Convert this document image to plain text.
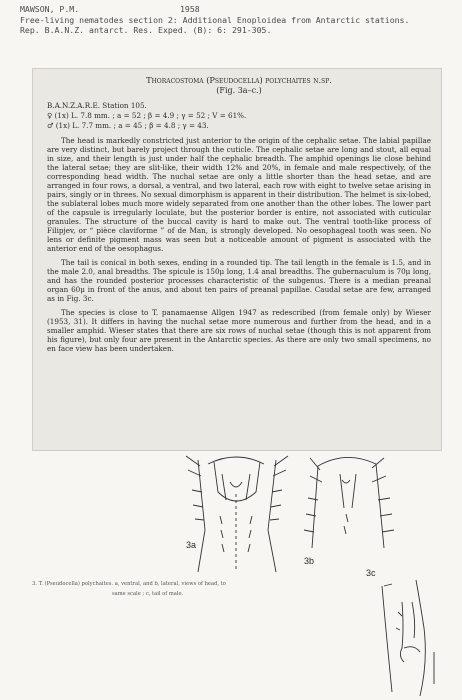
MAWSON, P.M.	1958
Free-living nematodes section 2: Additional Enoploidea from Antarctic stations.
Rep. B.A.N.Z. antarct. Res. Exped. (B): 6: 291-305.
Thoracostoma (Pseudocella) polychaites n.sp.
(Fig. 3a–c.)

B.A.N.Z.A.R.E. Station 105.

♀ (1x) L. 7.8 mm. ; a = 52 ; β = 4.9 ; γ = 52 ; V = 61%.

♂ (1x) L. 7.7 mm. ; a = 45 ; β = 4.8 ; γ = 43.

The head is markedly constricted just anterior to the origin of the cephalic setae. The labial papillae are very distinct, but barely project through the cuticle. The cephalic setae are long and stout, all equal in size, and their length is just under half the cephalic breadth. The amphid openings lie close behind the lateral setae; they are slit-like, their width 12% and 20%, in female and male respectively, of the corresponding head width. The nuchal setae are only a little shorter than the head setae, and are arranged in four rows, a dorsal, a ventral, and two lateral, each row with eight to twelve setae arising in pairs, singly or in threes. No sexual dimorphism is apparent in their distribution. The helmet is six-lobed, the sublateral lobes much more widely separated from one another than the other lobes. The lower part of the capsule is irregularly loculate, but the posterior border is entire, not associated with cuticular granules. The structure of the buccal cavity is hard to make out. The ventral tooth-like process of Filipjev, or “ pièce claviforme ” of de Man, is strongly developed. No oesophageal tooth was seen. No lens or definite pigment mass was seen but a noticeable amount of pigment is associated with the anterior end of the oesophagus.

The tail is conical in both sexes, ending in a rounded tip. The tail length in the female is 1.5, and in the male 2.0, anal breadths. The spicule is 150μ long, 1.4 anal breadths. The gubernaculum is 70μ long, and has the rounded posterior processes characteristic of the subgenus. There is a median preanal organ 60μ in front of the anus, and about ten pairs of preanal papillae. Caudal setae are few, arranged as in Fig. 3c.

The species is close to T. panamaense Allgen 1947 as redescribed (from female only) by Wieser (1953, 31). It differs in having the nuchal setae more numerous and further from the head, and in a smaller amphid. Wieser states that there are six rows of nuchal setae (though this is not apparent from his figure), but only four are present in the Antarctic species. As there are only two small specimens, no en face view has been undertaken.

3a
3b
3c
3. T. (Pseudocella) polychaites. a, ventral, and b, lateral, views of head, to
same scale ; c, tail of male.
